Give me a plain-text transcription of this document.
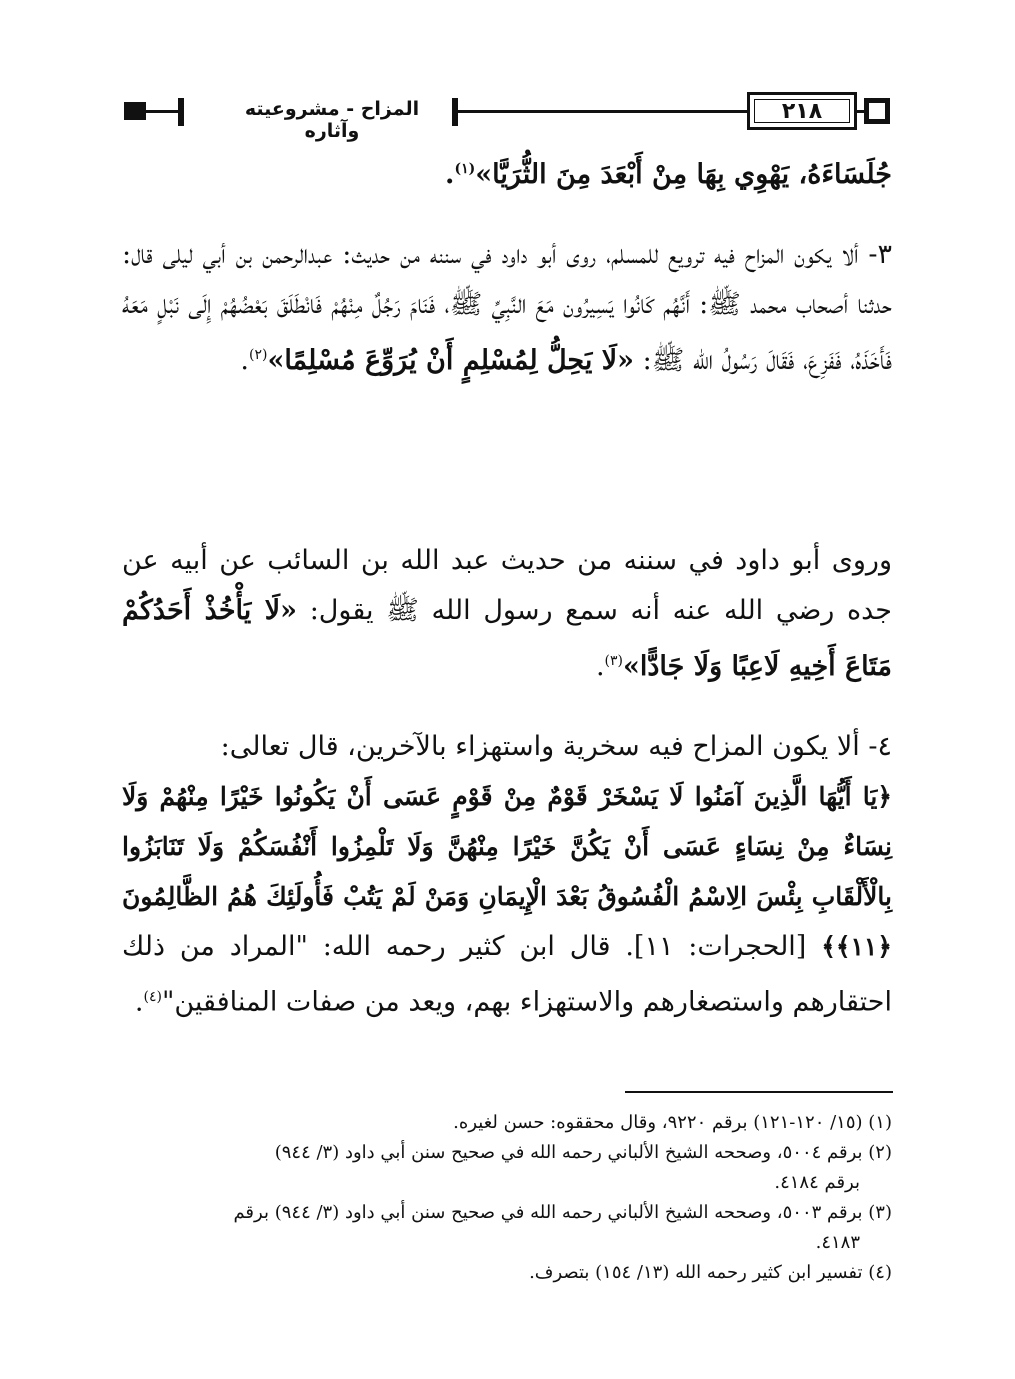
المزاح - مشروعيته وآثاره
٢١٨

جُلَسَاءَهُ، يَهْوِي بِهَا مِنْ أَبْعَدَ مِنَ الثُّرَيَّا»$^{(١)}$.

٣- ألا يكون المزاح فيه ترويع للمسلم، روى أبو داود في سننه من حديث: عبدالرحمن بن أبي ليلى قال: حدثنا أصحاب محمد ﷺ: أَنَّهُم كَانُوا يَسِيرُون مَعَ النَّبِيِّ ﷺ، فَنَامَ رَجُلٌ مِنْهُمْ فَانْطَلَقَ بَعْضُهُمْ إِلَى نَبْلٍ مَعَهُ فَأَخَذَهُ، فَفَزِعَ، فَقَالَ رَسُولُ الله ﷺ: «لَا يَحِلُّ لِمُسْلِمٍ أَنْ يُرَوِّعَ مُسْلِمًا»$^{(٢)}$.

وروى أبو داود في سننه من حديث عبد الله بن السائب عن أبيه عن جده رضي الله عنه أنه سمع رسول الله ﷺ يقول: «لَا يَأْخُذْ أَحَدُكُمْ مَتَاعَ أَخِيهِ لَاعِبًا وَلَا جَادًّا»$^{(٣)}$.

٤- ألا يكون المزاح فيه سخرية واستهزاء بالآخرين، قال تعالى:

﴿يَا أَيُّهَا الَّذِينَ آمَنُوا لَا يَسْخَرْ قَوْمٌ مِنْ قَوْمٍ عَسَى أَنْ يَكُونُوا خَيْرًا مِنْهُمْ وَلَا نِسَاءٌ مِنْ نِسَاءٍ عَسَى أَنْ يَكُنَّ خَيْرًا مِنْهُنَّ وَلَا تَلْمِزُوا أَنْفُسَكُمْ وَلَا تَنَابَزُوا بِالْأَلْقَابِ بِئْسَ الِاسْمُ الْفُسُوقُ بَعْدَ الْإِيمَانِ وَمَنْ لَمْ يَتُبْ فَأُولَئِكَ هُمُ الظَّالِمُونَ ﴿١١﴾﴾ [الحجرات: ١١]. قال ابن كثير رحمه الله: "المراد من ذلك احتقارهم واستصغارهم والاستهزاء بهم، ويعد من صفات المنافقين"$^{(٤)}$.

(١) (١٥/ ١٢٠-١٢١) برقم ٩٢٢٠، وقال محققوه: حسن لغيره.

(٢) برقم ٥٠٠٤، وصححه الشيخ الألباني رحمه الله في صحيح سنن أبي داود (٣/ ٩٤٤)

برقم ٤١٨٤.

(٣) برقم ٥٠٠٣، وصححه الشيخ الألباني رحمه الله في صحيح سنن أبي داود (٣/ ٩٤٤) برقم

٤١٨٣.

(٤) تفسير ابن كثير رحمه الله (١٣/ ١٥٤) بتصرف.
